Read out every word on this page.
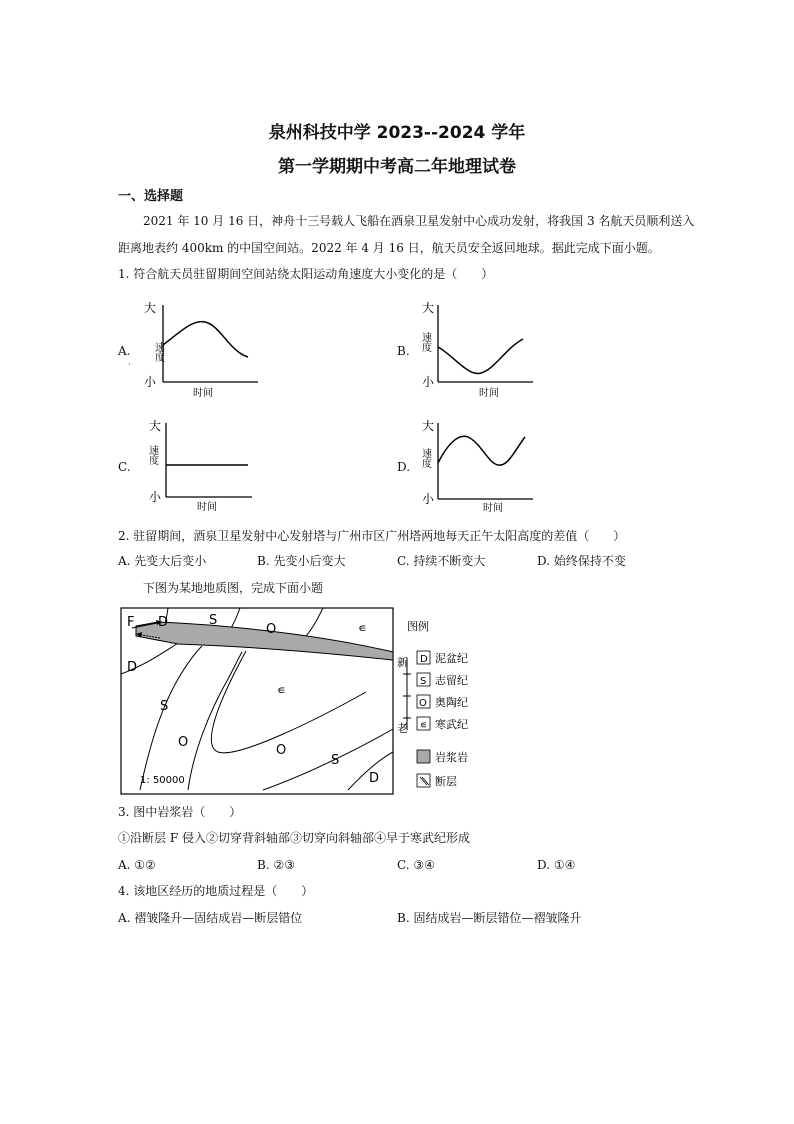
泉州科技中学 2023--2024 学年
第一学期期中考高二年地理试卷
一、选择题
2021 年 10 月 16 日，神舟十三号载人飞船在酒泉卫星发射中心成功发射，将我国 3 名航天员顺利送入
距离地表约 400km 的中国空间站。2022 年 4 月 16 日，航天员安全返回地球。据此完成下面小题。
1. 符合航天员驻留期间空间站绕太阳运动角速度大小变化的是（　　）
A.
大
小
速度
时间
·
B.
大
小
速度
时间
C.
大
小
速度
时间
D.
大
小
速度
时间
2. 驻留期间，酒泉卫星发射中心发射塔与广州市区广州塔两地每天正午太阳高度的差值（　　）
A. 先变大后变小	B. 先变小后变大	C. 持续不断变大	D. 始终保持不变
下图为某地地质图，完成下面小题
F D	S
O	∊
D
S
∊
O
O
S
D
1: 50000
图例
新
老
D 泥盆纪
S 志留纪
O 奥陶纪
∊ 寒武纪
岩浆岩
断层
3. 图中岩浆岩（　　）
①沿断层 F 侵入②切穿背斜轴部③切穿向斜轴部④早于寒武纪形成
A. ①②	B. ②③	C. ③④	D. ①④
4. 该地区经历的地质过程是（　　）
A. 褶皱隆升—固结成岩—断层错位	B. 固结成岩—断层错位—褶皱隆升
